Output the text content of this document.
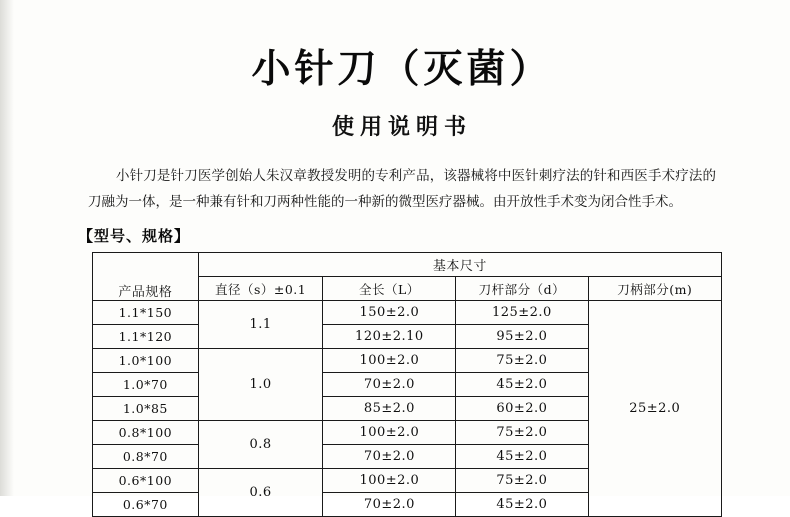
小针刀（灭菌）
使用说明书

小针刀是针刀医学创始人朱汉章教授发明的专利产品，该器械将中医针刺疗法的针和西医手术疗法的刀融为一体，是一种兼有针和刀两种性能的一种新的微型医疗器械。由开放性手术变为闭合性手术。

【型号、规格】
产品规格	基本尺寸			
	直径（s）±0.1	全长（L）	刀杆部分（d）	刀柄部分(m)
1.1*150	1.1	150±2.0	125±2.0	25±2.0
1.1*120		120±2.10	95±2.0	
1.0*100	1.0	100±2.0	75±2.0	
1.0*70		70±2.0	45±2.0	
1.0*85		85±2.0	60±2.0	
0.8*100	0.8	100±2.0	75±2.0	
0.8*70		70±2.0	45±2.0	
0.6*100	0.6	100±2.0	75±2.0	
0.6*70		70±2.0	45±2.0	
